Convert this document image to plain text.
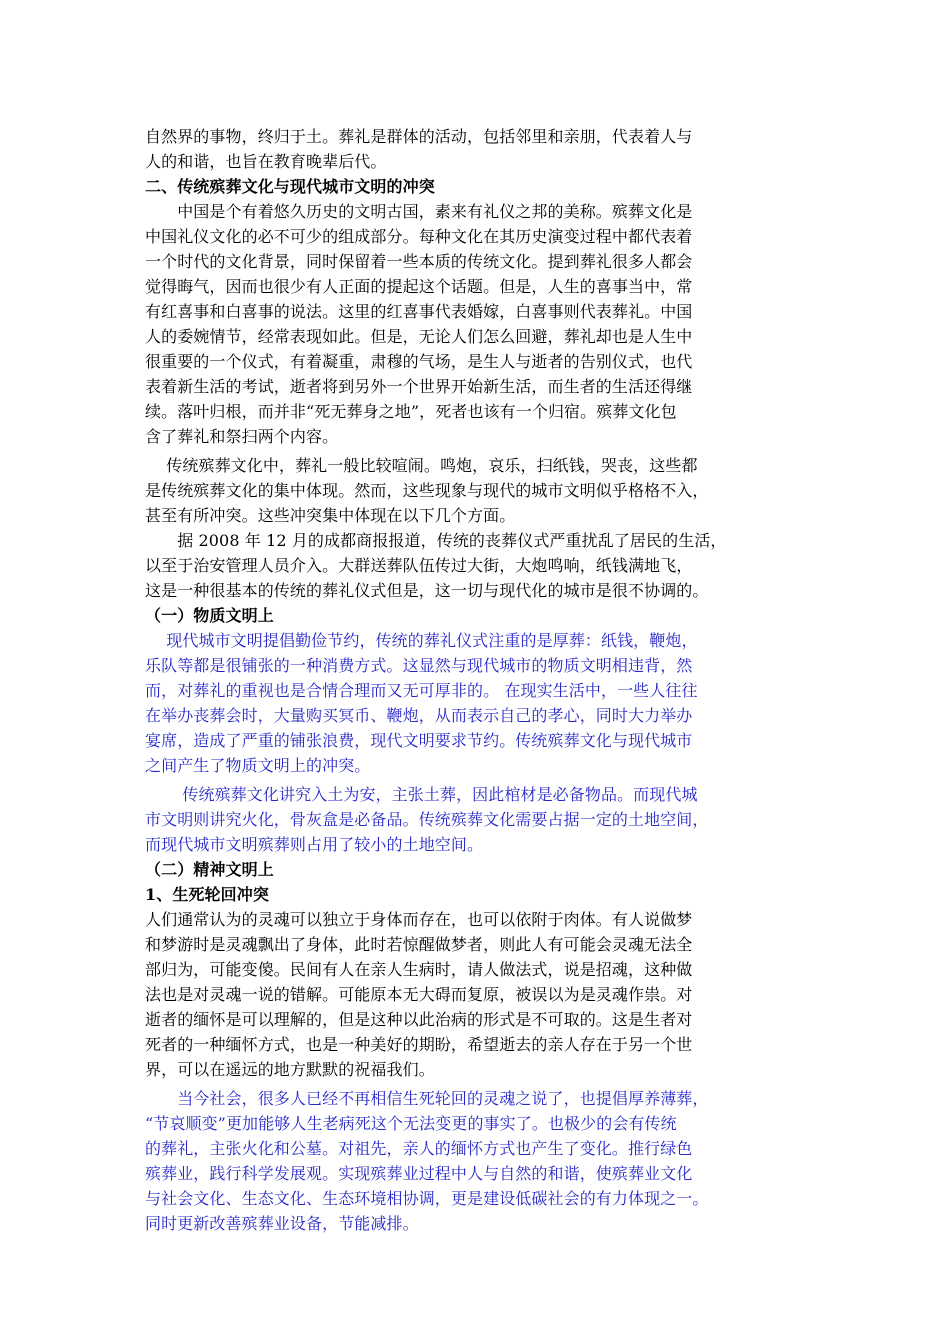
自然界的事物，终归于土。葬礼是群体的活动，包括邻里和亲朋，代表着人与
人的和谐，也旨在教育晚辈后代。
二、传统殡葬文化与现代城市文明的冲突
　　中国是个有着悠久历史的文明古国，素来有礼仪之邦的美称。殡葬文化是
中国礼仪文化的必不可少的组成部分。每种文化在其历史演变过程中都代表着
一个时代的文化背景，同时保留着一些本质的传统文化。提到葬礼很多人都会
觉得晦气，因而也很少有人正面的提起这个话题。但是，人生的喜事当中，常
有红喜事和白喜事的说法。这里的红喜事代表婚嫁，白喜事则代表葬礼。中国
人的委婉情节，经常表现如此。但是，无论人们怎么回避，葬礼却也是人生中
很重要的一个仪式，有着凝重，肃穆的气场，是生人与逝者的告别仪式，也代
表着新生活的考试，逝者将到另外一个世界开始新生活，而生者的生活还得继
续。落叶归根，而并非“死无葬身之地”，死者也该有一个归宿。殡葬文化包
含了葬礼和祭扫两个内容。
　 传统殡葬文化中，葬礼一般比较喧闹。鸣炮，哀乐，扫纸钱，哭丧，这些都
是传统殡葬文化的集中体现。然而，这些现象与现代的城市文明似乎格格不入，
甚至有所冲突。这些冲突集中体现在以下几个方面。
　　据 2008 年 12 月的成都商报报道，传统的丧葬仪式严重扰乱了居民的生活，
以至于治安管理人员介入。大群送葬队伍传过大街，大炮鸣响，纸钱满地飞，
这是一种很基本的传统的葬礼仪式但是，这一切与现代化的城市是很不协调的。
（一）物质文明上
　 现代城市文明提倡勤俭节约，传统的葬礼仪式注重的是厚葬：纸钱，鞭炮，
乐队等都是很铺张的一种消费方式。这显然与现代城市的物质文明相违背，然
而，对葬礼的重视也是合情合理而又无可厚非的。 在现实生活中，一些人往往
在举办丧葬会时，大量购买冥币、鞭炮，从而表示自己的孝心，同时大力举办
宴席，造成了严重的铺张浪费，现代文明要求节约。传统殡葬文化与现代城市
之间产生了物质文明上的冲突。
　　 传统殡葬文化讲究入土为安，主张土葬，因此棺材是必备物品。而现代城
市文明则讲究火化，骨灰盒是必备品。传统殡葬文化需要占据一定的土地空间，
而现代城市文明殡葬则占用了较小的土地空间。
（二）精神文明上
1、生死轮回冲突
人们通常认为的灵魂可以独立于身体而存在，也可以依附于肉体。有人说做梦
和梦游时是灵魂飘出了身体，此时若惊醒做梦者，则此人有可能会灵魂无法全
部归为，可能变傻。民间有人在亲人生病时，请人做法式，说是招魂，这种做
法也是对灵魂一说的错解。可能原本无大碍而复原，被误以为是灵魂作祟。对
逝者的缅怀是可以理解的，但是这种以此治病的形式是不可取的。这是生者对
死者的一种缅怀方式，也是一种美好的期盼，希望逝去的亲人存在于另一个世
界，可以在遥远的地方默默的祝福我们。
　　当今社会，很多人已经不再相信生死轮回的灵魂之说了，也提倡厚养薄葬，
“节哀顺变”更加能够人生老病死这个无法变更的事实了。也极少的会有传统
的葬礼，主张火化和公墓。对祖先，亲人的缅怀方式也产生了变化。推行绿色
殡葬业，践行科学发展观。实现殡葬业过程中人与自然的和谐，使殡葬业文化
与社会文化、生态文化、生态环境相协调，更是建设低碳社会的有力体现之一。
同时更新改善殡葬业设备，节能减排。
